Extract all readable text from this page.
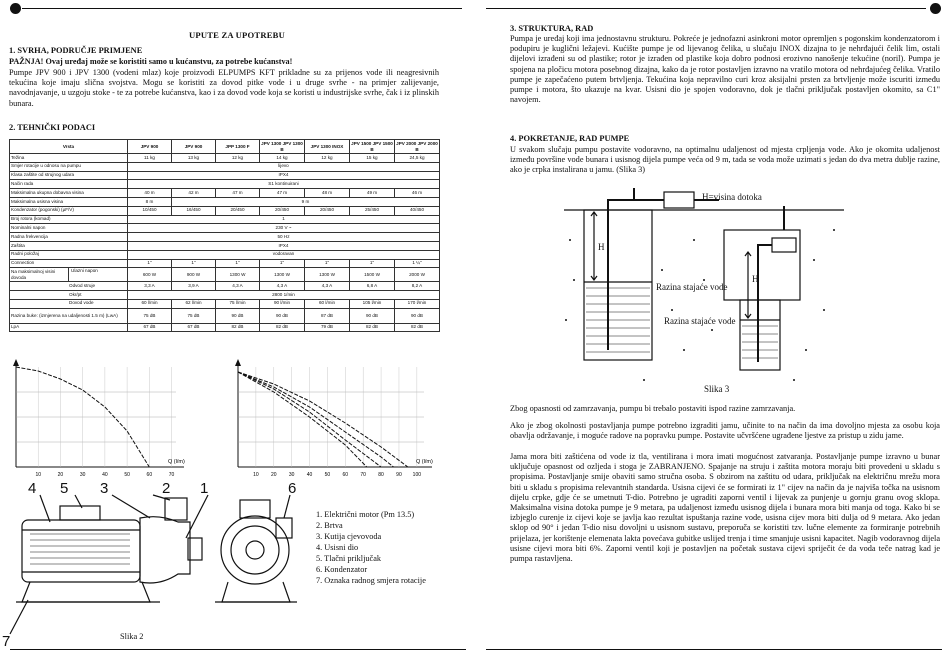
UPUTE ZA UPOTREBU

1. SVRHA, PODRUČJE PRIMJENE

PAŽNJA! Ovaj uređaj može se koristiti samo u kućanstvu, za potrebe kućanstva!

Pumpe JPV 900 i JPV 1300 (vodeni mlaz) koje proizvodi ELPUMPS KFT prikladne su za prijenos vode ili neagresivnih tekućina koje imaju slična svojstva. Mogu se koristiti za dovod pitke vode i u druge svrhe - na primjer zalijevanje, navodnjavanje, u uzgoju stoke - te za potrebe kućanstva, kao i za dovod vode koja se koristi u industrijske svrhe, čak i iz plinskih bunara.

2. TEHNIČKI PODACI

Vrsta	JPV 900	JPV 900	JPP 1300 F	JPV 1300 JPV 1300 B	JPV 1300 INOX	JPV 1500 JPV 1500 B	JPV 2000 JPV 2000 B
Težina	11 kg	13 kg	12 kg	14 kg	12 kg	15 kg	24,5 kg
Smjer rotacije u odnosu na pumpu	lijevo						
Klasa zaštite od strujnog udara	IPX4						
Način rada	S1 kontinuirani						
Maksimalna ukupna dobavna visina	40 m	42 m	47 m	47 m	48 m	49 m	46 m
Maksimalna usisna visina	8 m	9 m					
Kondenzator (pogonski) (µF/V)	10/450	16/450	20/450	20/450	20/450	25/450	40/450
Broj rotora (komad)	1						
Nominalni napon	230 V ~						
Radna frekvencija	50 Hz						
Zaštita	IPX4						
Radni položaj	vodoravan						
Connection	1"	1"	1"	1"	1"	1"	1 ¼"

Na maksimalnoj visini dovoda
Ulazni napon	600 W	900 W	1300 W	1300 W	1300 W	1500 W	2000 W
Odvod struje	3,3 A	3,9 A	4,3 A	4,3 A	4,3 A	6,8 A	8,2 A
Okr/pt	2800 1/min						
Dovod vode	60 l/min	62 l/min	75 l/min	90 l/min	60 l/min	105 l/min	170 l/min
Razina buke: (izmjerena na udaljenosti 1.5 m) (LwA)	75 dB	75 dB	90 dB	90 dB	87 dB	90 dB	90 dB
LpA	67 dB	67 dB	82 dB	82 dB	79 dB	82 dB	82 dB
10	20	30	40	50	60	70
Q (l/m)
10 20 30 40 50 60 70 80 90 100
Q (l/m)
4 5 3	2 1	6
7
1. Električni motor (Pm 13.5)
2. Brtva
3. Kutija cjevovoda
4. Usisni dio
5. Tlačni priključak
6. Kondenzator
7. Oznaka radnog smjera rotacije
Slika 2

3. STRUKTURA, RAD

Pumpa je uređaj koji ima jednostavnu strukturu. Pokreće je jednofazni asinkroni motor opremljen s pogonskim kondenzatorom i podupiru je kuglični ležajevi. Kućište pumpe je od lijevanog čelika, u slučaju INOX dizajna to je nehrđajući čelik lim, ostali dijelovi izrađeni su od plastike; rotor je izrađen od plastike koja dobro podnosi erozivno nanošenje tekućine (noril). Pumpa je spojena na pločicu motora posebnog dizajna, kako da je rotor postavljen izravno na vratilo motora od nehrđajućeg čelika. Vratilo pumpe je zapečaćeno putem brtvljenja. Tekućina koja nepravilno curi kroz aksijalni prsten za brtvljenje može iscuriti između pumpe i motora, što ukazuje na kvar. Usisni dio je spojen vodoravno, dok je tlačni priključak postavljen okomito, sa C1" navojem.

4. POKRETANJE, RAD PUMPE

U svakom slučaju pumpu postavite vodoravno, na optimalnu udaljenost od mjesta crpljenja vode. Ako je okomita udaljenost između površine vode bunara i usisnog dijela pumpe veća od 9 m, tada se voda može uzimati s jedan do dva metra dublje razine, ako je crpka instalirana u jamu. (Slika 3)

H=visina dotoka
H
Razina stajaće vode
H
Razina stajaće vode
Slika 3

Zbog opasnosti od zamrzavanja, pumpu bi trebalo postaviti ispod razine zamrzavanja.

Ako je zbog okolnosti postavljanja pumpe potrebno izgraditi jamu, učinite to na način da ima dovoljno mjesta za osobu koja obavlja održavanje, i moguće radove na popravku pumpe. Postavite učvršćene ugrađene ljestve za pristup u zidu jame.

Jama mora biti zaštićena od vode iz tla, ventilirana i mora imati mogućnost zatvaranja. Postavljanje pumpe izravno u bunar uključuje opasnost od ozljeda i stoga je ZABRANJENO. Spajanje na struju i zaštita motora moraju biti provedeni u skladu s propisima. Postavljanje smije obaviti samo stručna osoba. S obzirom na zaštitu od udara, priključak na električnu mrežu mora biti u skladu s propisima relevantnih standarda. Usisna cijevi će se formirati iz 1" cijev na način da je najviša točka na usisnom dijelu crpke, gdje će se umetnuti T-dio. Potrebno je ugraditi zaporni ventil i lijevak za punjenje u gornju granu ovog sklopa. Maksimalna visina dotoka pumpe je 9 metara, pa udaljenost između usisnog dijela i bunara mora biti manja od toga. Kako bi se izbjeglo curenje iz cijevi koje se javlja kao rezultat ispuštanja razine vode, usisna cijev mora biti dulja od 9 metara. Ako jedan sklop od 90° i jedan T-dio nisu dovoljni u usisnom sustavu, preporuča se koristiti tzv. lučne elemente za formiranje potrebnih prijelaza, jer korištenje elemenata lakta povećava gubitke uslijed trenja i time smanjuje usisni kapacitet. Nagib vodoravnog dijela usisne cijevi mora biti 6%. Zaporni ventil koji je postavljen na početak sustava cijevi spriječit će da voda teče natrag kad je pumpa rastavljena.
